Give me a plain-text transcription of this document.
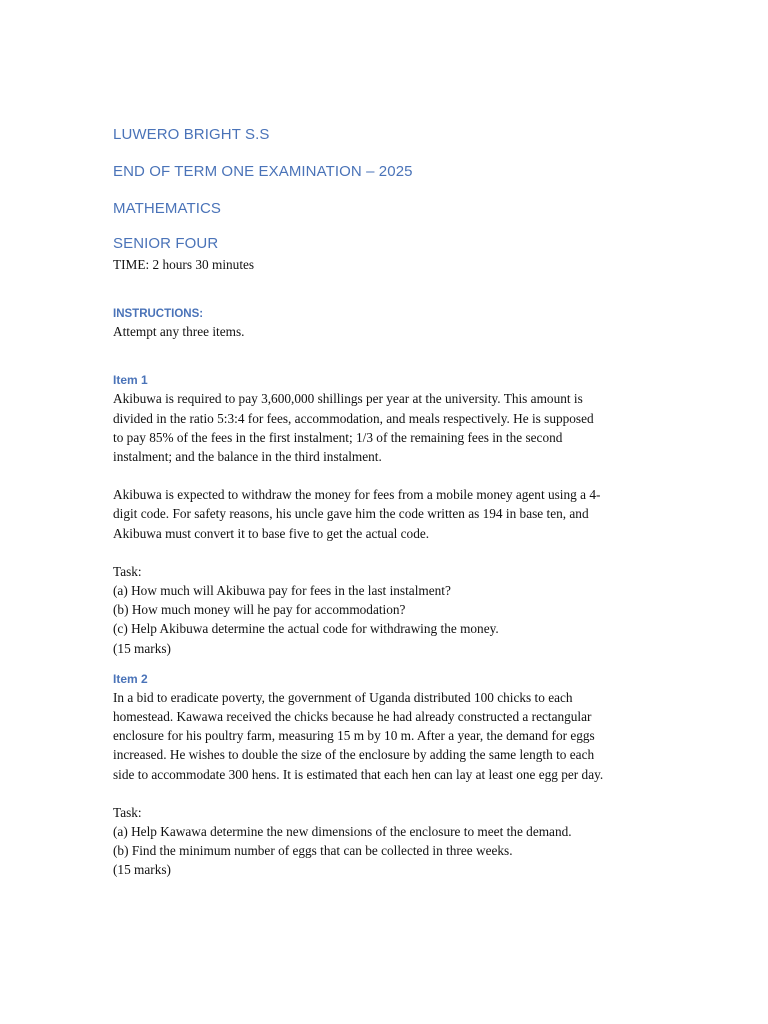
LUWERO BRIGHT S.S
END OF TERM ONE EXAMINATION – 2025
MATHEMATICS
SENIOR FOUR

TIME: 2 hours 30 minutes

INSTRUCTIONS:

Attempt any three items.

Item 1

Akibuwa is required to pay 3,600,000 shillings per year at the university. This amount is
divided in the ratio 5:3:4 for fees, accommodation, and meals respectively. He is supposed
to pay 85% of the fees in the first instalment; 1/3 of the remaining fees in the second
instalment; and the balance in the third instalment.

Akibuwa is expected to withdraw the money for fees from a mobile money agent using a 4-
digit code. For safety reasons, his uncle gave him the code written as 194 in base ten, and
Akibuwa must convert it to base five to get the actual code.

Task:
(a) How much will Akibuwa pay for fees in the last instalment?
(b) How much money will he pay for accommodation?
(c) Help Akibuwa determine the actual code for withdrawing the money.
(15 marks)

Item 2

In a bid to eradicate poverty, the government of Uganda distributed 100 chicks to each
homestead. Kawawa received the chicks because he had already constructed a rectangular
enclosure for his poultry farm, measuring 15 m by 10 m. After a year, the demand for eggs
increased. He wishes to double the size of the enclosure by adding the same length to each
side to accommodate 300 hens. It is estimated that each hen can lay at least one egg per day.

Task:
(a) Help Kawawa determine the new dimensions of the enclosure to meet the demand.
(b) Find the minimum number of eggs that can be collected in three weeks.
(15 marks)
